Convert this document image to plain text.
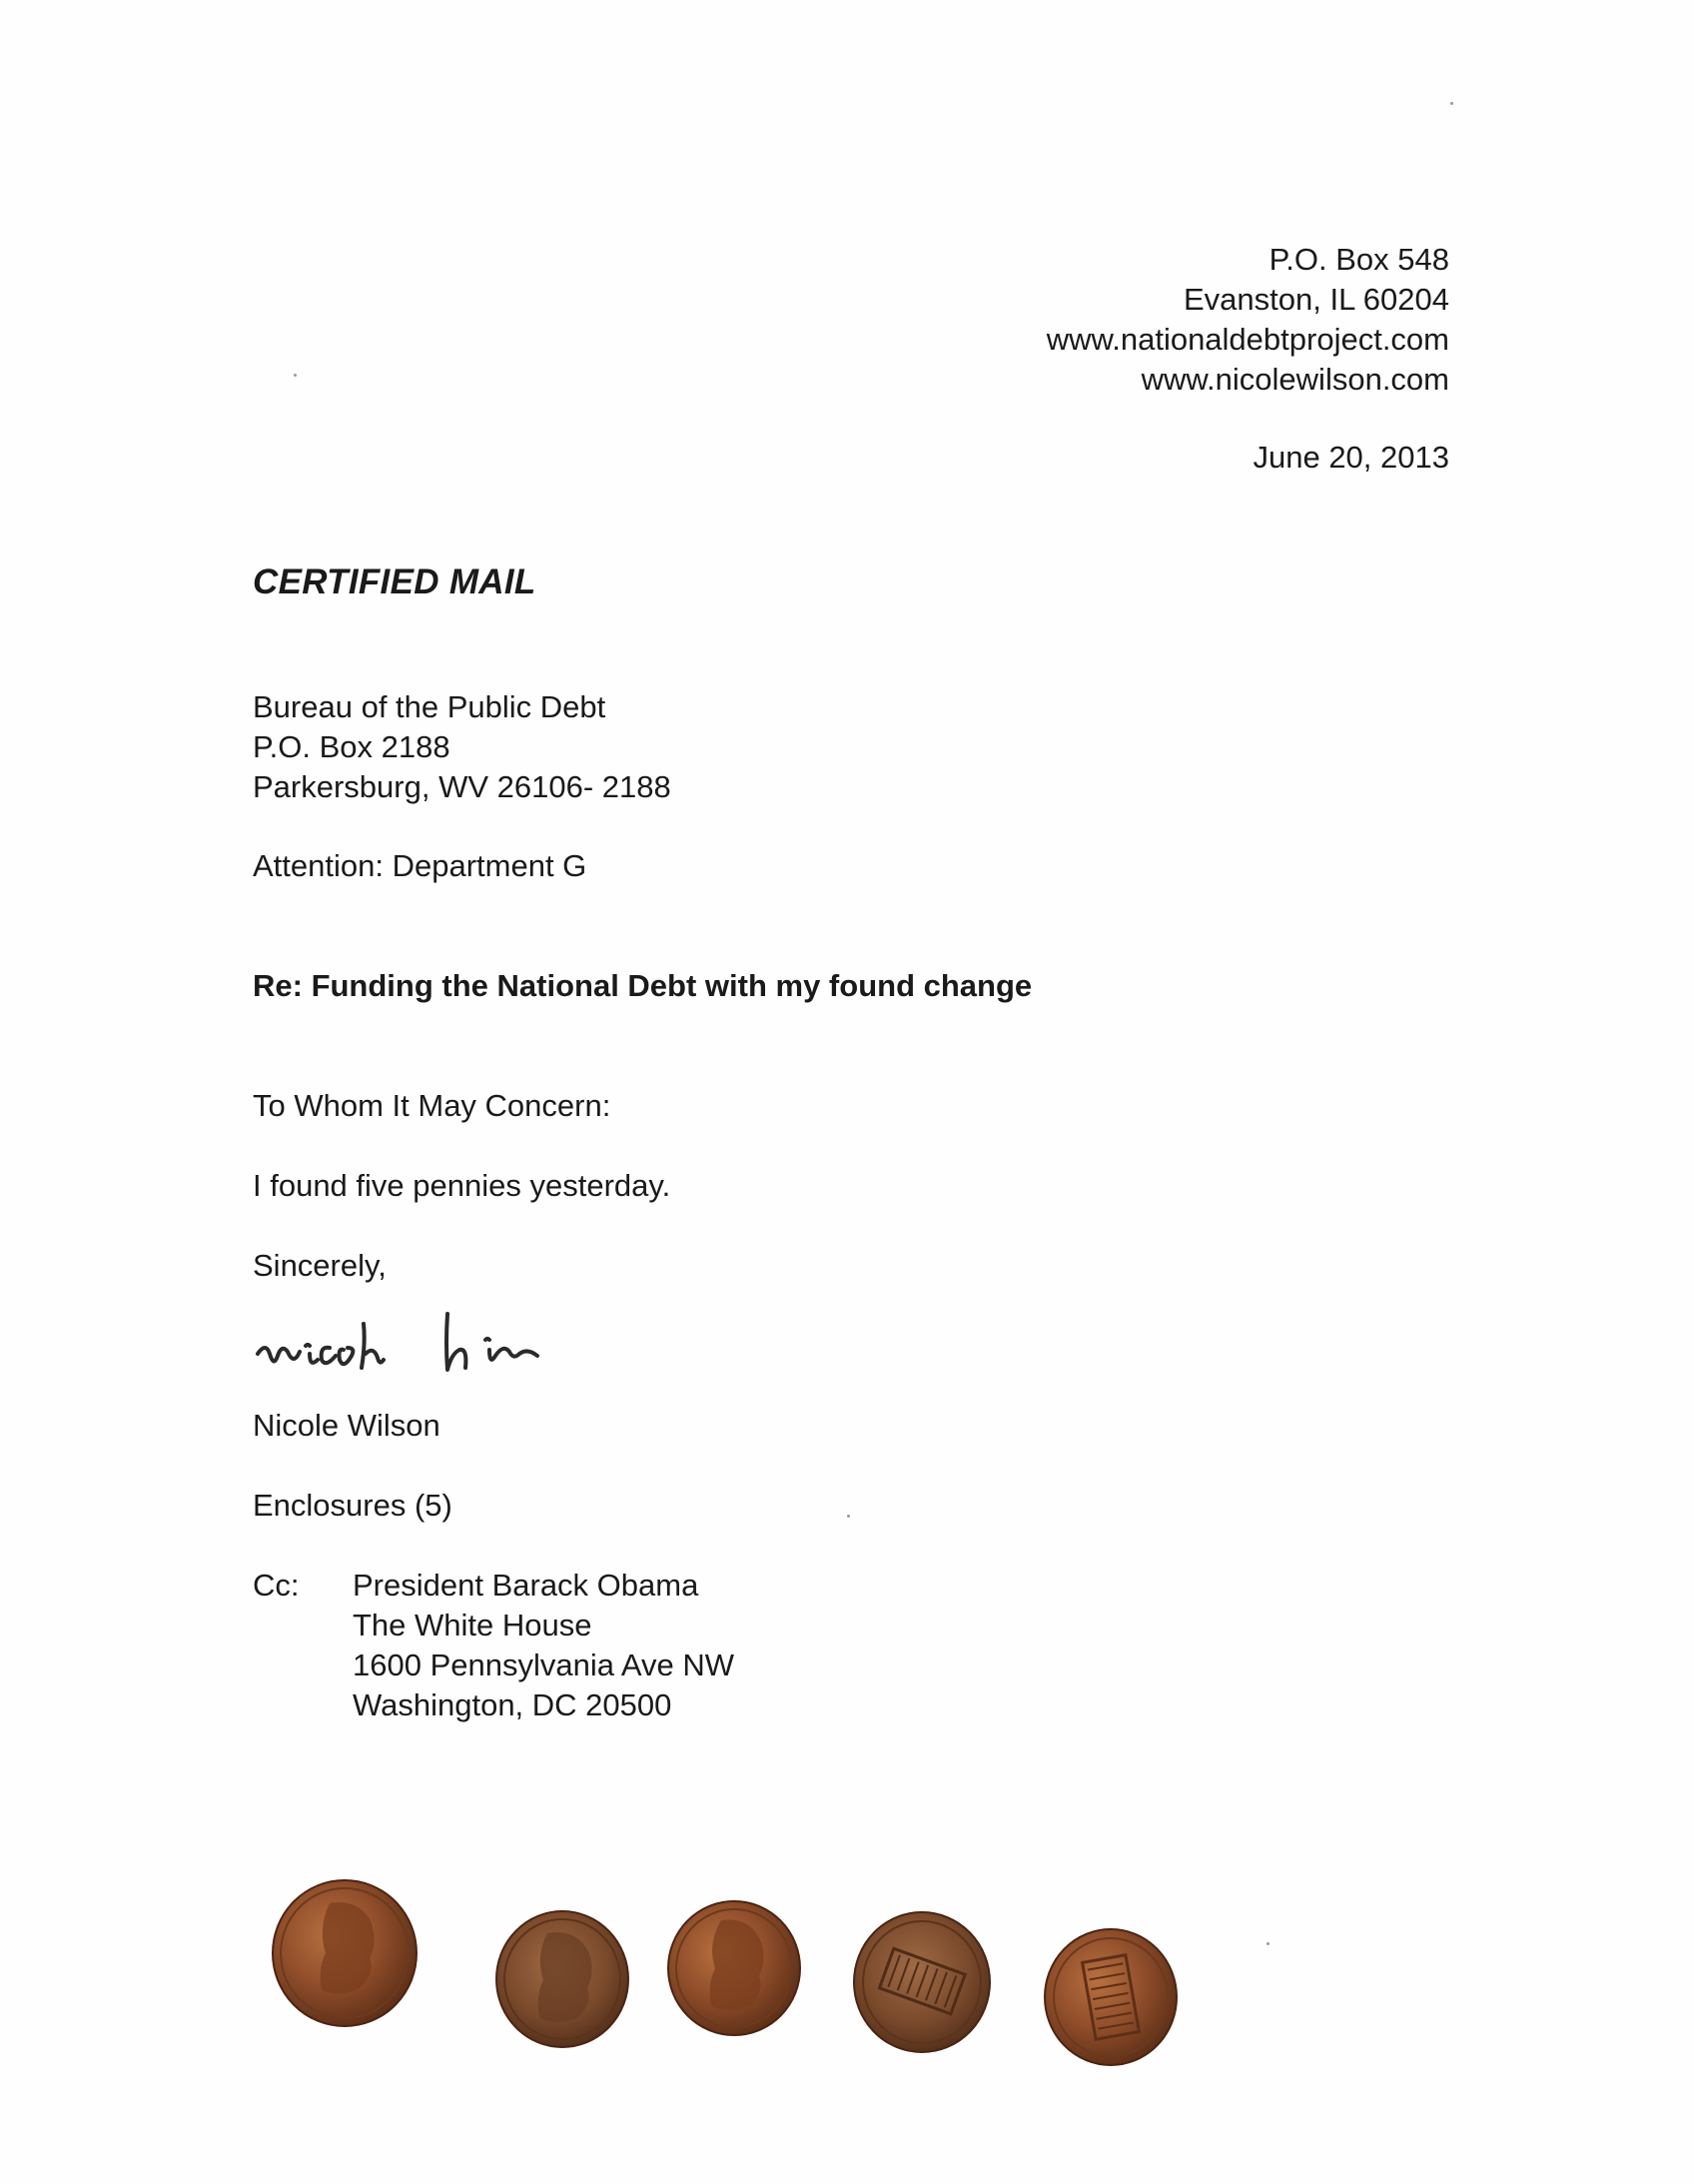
P.O. Box 548
Evanston, IL 60204
www.nationaldebtproject.com
www.nicolewilson.com
June 20, 2013
CERTIFIED MAIL
Bureau of the Public Debt
P.O. Box 2188
Parkersburg, WV 26106- 2188
Attention: Department G
Re: Funding the National Debt with my found change
To Whom It May Concern:
I found five pennies yesterday.
Sincerely,
Nicole Wilson
Enclosures (5)
Cc: President Barack Obama
The White House
1600 Pennsylvania Ave NW
Washington, DC 20500
